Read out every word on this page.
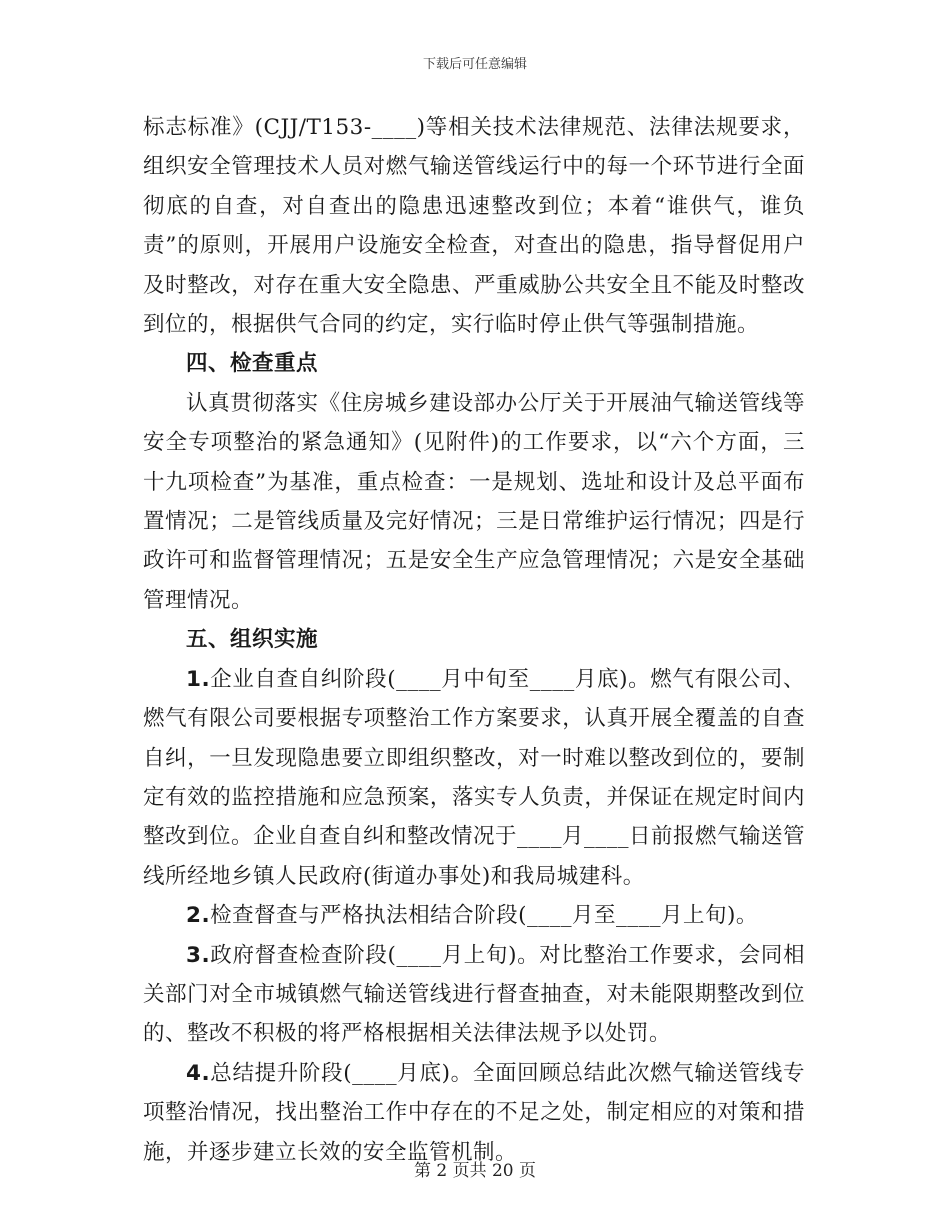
下载后可任意编辑

标志标准》(CJJ/T153-____)等相关技术法律规范、法律法规要求，组织安全管理技术人员对燃气输送管线运行中的每一个环节进行全面彻底的自查，对自查出的隐患迅速整改到位；本着“谁供气，谁负责”的原则，开展用户设施安全检查，对查出的隐患，指导督促用户及时整改，对存在重大安全隐患、严重威胁公共安全且不能及时整改到位的，根据供气合同的约定，实行临时停止供气等强制措施。

四、检查重点

认真贯彻落实《住房城乡建设部办公厅关于开展油气输送管线等安全专项整治的紧急通知》(见附件)的工作要求，以“六个方面，三十九项检查”为基准，重点检查：一是规划、选址和设计及总平面布置情况；二是管线质量及完好情况；三是日常维护运行情况；四是行政许可和监督管理情况；五是安全生产应急管理情况；六是安全基础管理情况。

五、组织实施

1.企业自查自纠阶段(____月中旬至____月底)。燃气有限公司、燃气有限公司要根据专项整治工作方案要求，认真开展全覆盖的自查自纠，一旦发现隐患要立即组织整改，对一时难以整改到位的，要制定有效的监控措施和应急预案，落实专人负责，并保证在规定时间内整改到位。企业自查自纠和整改情况于____月____日前报燃气输送管线所经地乡镇人民政府(街道办事处)和我局城建科。

2.检查督查与严格执法相结合阶段(____月至____月上旬)。

3.政府督查检查阶段(____月上旬)。对比整治工作要求，会同相关部门对全市城镇燃气输送管线进行督查抽查，对未能限期整改到位的、整改不积极的将严格根据相关法律法规予以处罚。

4.总结提升阶段(____月底)。全面回顾总结此次燃气输送管线专项整治情况，找出整治工作中存在的不足之处，制定相应的对策和措施，并逐步建立长效的安全监管机制。

第 2 页共 20 页
